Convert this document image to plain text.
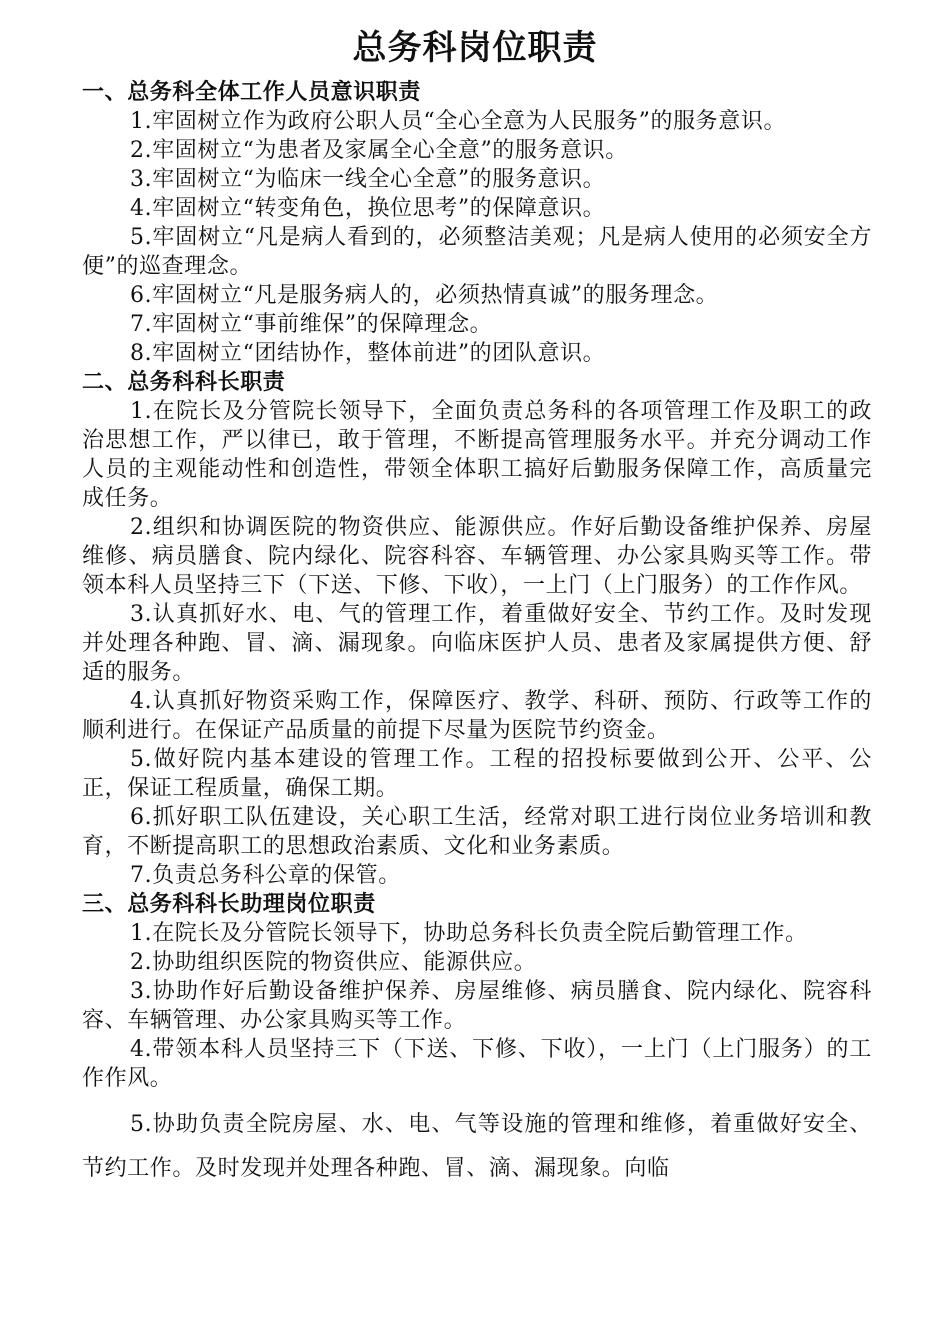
总务科岗位职责

一、总务科全体工作人员意识职责

1.牢固树立作为政府公职人员“全心全意为人民服务”的服务意识。

2.牢固树立“为患者及家属全心全意”的服务意识。

3.牢固树立“为临床一线全心全意”的服务意识。

4.牢固树立“转变角色，换位思考”的保障意识。

5.牢固树立“凡是病人看到的，必须整洁美观；凡是病人使用的必须安全方便”的巡查理念。

6.牢固树立“凡是服务病人的，必须热情真诚”的服务理念。

7.牢固树立“事前维保”的保障理念。

8.牢固树立“团结协作，整体前进”的团队意识。

二、总务科科长职责

1.在院长及分管院长领导下，全面负责总务科的各项管理工作及职工的政治思想工作，严以律已，敢于管理，不断提高管理服务水平。并充分调动工作人员的主观能动性和创造性，带领全体职工搞好后勤服务保障工作，高质量完成任务。

2.组织和协调医院的物资供应、能源供应。作好后勤设备维护保养、房屋维修、病员膳食、院内绿化、院容科容、车辆管理、办公家具购买等工作。带领本科人员坚持三下（下送、下修、下收），一上门（上门服务）的工作作风。

3.认真抓好水、电、气的管理工作，着重做好安全、节约工作。及时发现并处理各种跑、冒、滴、漏现象。向临床医护人员、患者及家属提供方便、舒适的服务。

4.认真抓好物资采购工作，保障医疗、教学、科研、预防、行政等工作的顺利进行。在保证产品质量的前提下尽量为医院节约资金。

5.做好院内基本建设的管理工作。工程的招投标要做到公开、公平、公正，保证工程质量，确保工期。

6.抓好职工队伍建设，关心职工生活，经常对职工进行岗位业务培训和教育，不断提高职工的思想政治素质、文化和业务素质。

7.负责总务科公章的保管。

三、总务科科长助理岗位职责

1.在院长及分管院长领导下，协助总务科长负责全院后勤管理工作。

2.协助组织医院的物资供应、能源供应。

3.协助作好后勤设备维护保养、房屋维修、病员膳食、院内绿化、院容科容、车辆管理、办公家具购买等工作。

4.带领本科人员坚持三下（下送、下修、下收），一上门（上门服务）的工作作风。

5.协助负责全院房屋、水、电、气等设施的管理和维修，着重做好安全、节约工作。及时发现并处理各种跑、冒、滴、漏现象。向临
